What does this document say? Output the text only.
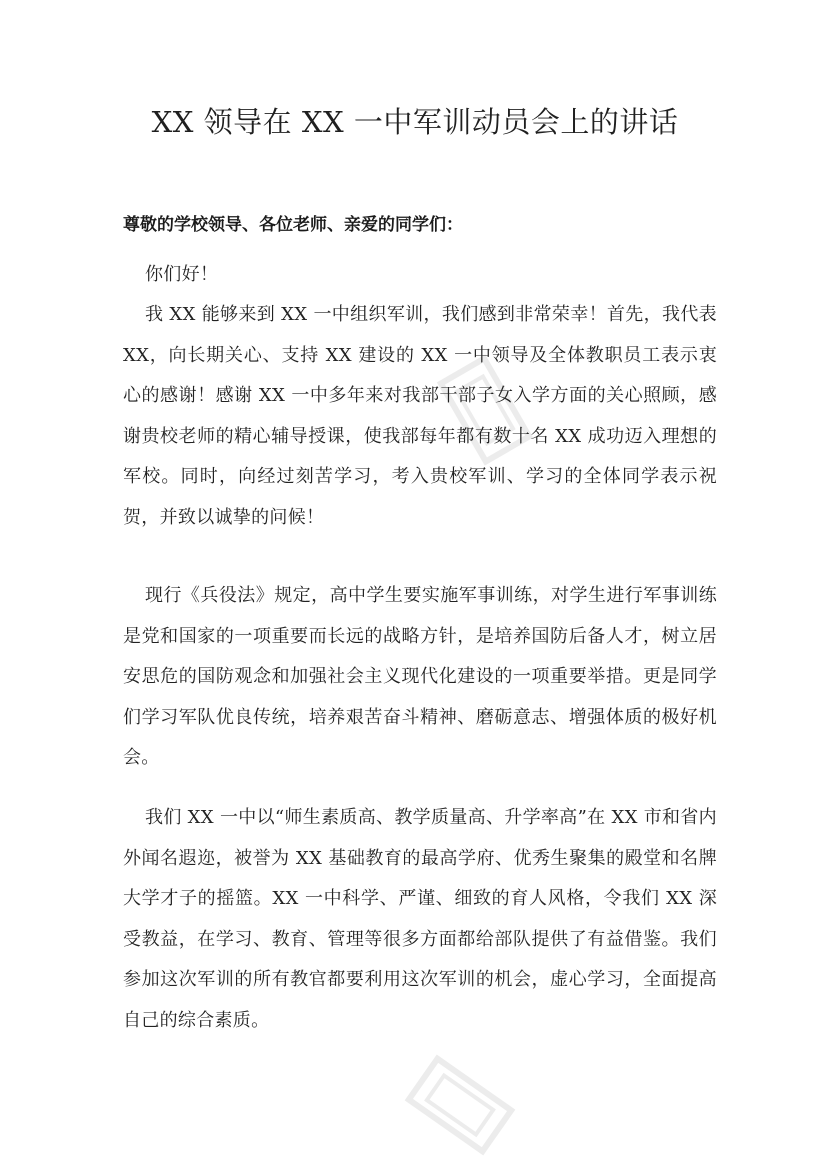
XX 领导在 XX 一中军训动员会上的讲话

尊敬的学校领导、各位老师、亲爱的同学们：

你们好！

我 XX 能够来到 XX 一中组织军训，我们感到非常荣幸！首先，我代表 XX，向长期关心、支持 XX 建设的 XX 一中领导及全体教职员工表示衷心的感谢！感谢 XX 一中多年来对我部干部子女入学方面的关心照顾，感谢贵校老师的精心辅导授课，使我部每年都有数十名 XX 成功迈入理想的军校。同时，向经过刻苦学习，考入贵校军训、学习的全体同学表示祝贺，并致以诚挚的问候！

现行《兵役法》规定，高中学生要实施军事训练，对学生进行军事训练是党和国家的一项重要而长远的战略方针，是培养国防后备人才，树立居安思危的国防观念和加强社会主义现代化建设的一项重要举措。更是同学们学习军队优良传统，培养艰苦奋斗精神、磨砺意志、增强体质的极好机会。

我们 XX 一中以“师生素质高、教学质量高、升学率高”在 XX 市和省内外闻名遐迩，被誉为 XX 基础教育的最高学府、优秀生聚集的殿堂和名牌大学才子的摇篮。XX 一中科学、严谨、细致的育人风格，令我们 XX 深受教益，在学习、教育、管理等很多方面都给部队提供了有益借鉴。我们参加这次军训的所有教官都要利用这次军训的机会，虚心学习，全面提高自己的综合素质。
